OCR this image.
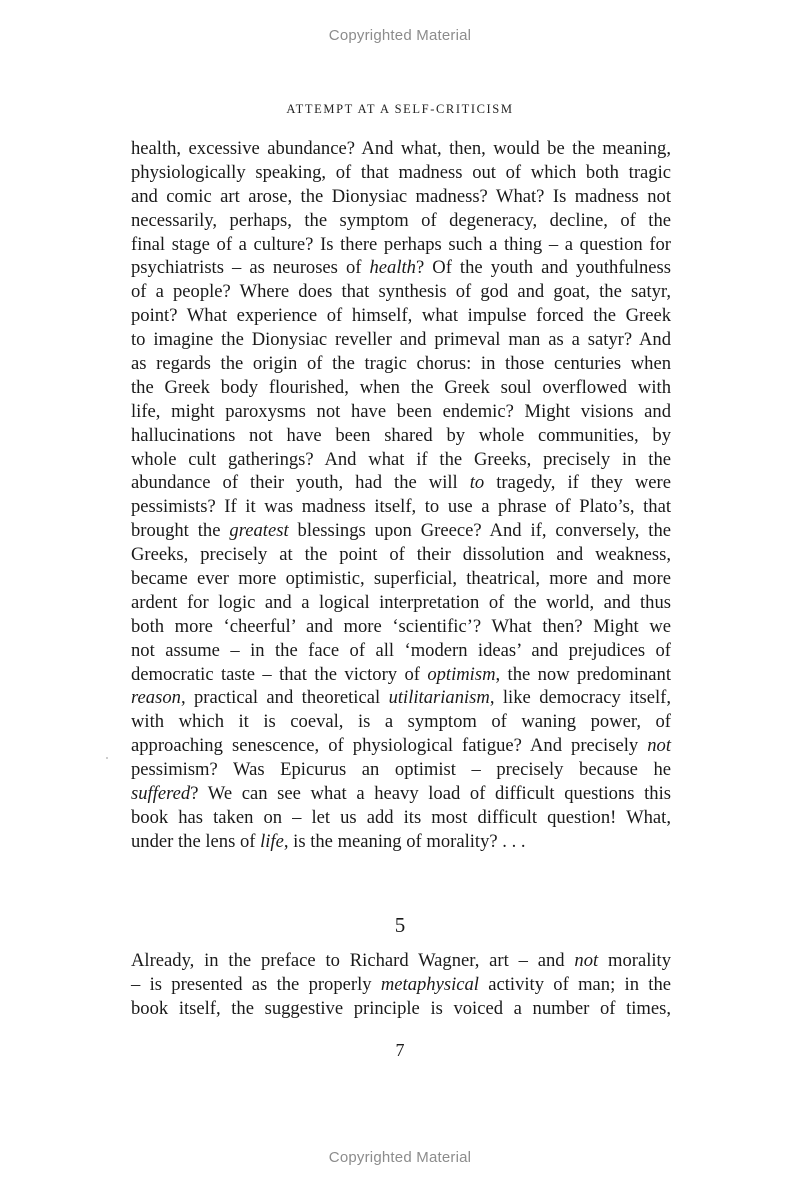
Copyrighted Material
ATTEMPT AT A SELF-CRITICISM
health, excessive abundance? And what, then, would be the meaning,
physiologically speaking, of that madness out of which both tragic
and comic art arose, the Dionysiac madness? What? Is madness not
necessarily, perhaps, the symptom of degeneracy, decline, of the
final stage of a culture? Is there perhaps such a thing – a question for
psychiatrists – as neuroses of health? Of the youth and youthfulness
of a people? Where does that synthesis of god and goat, the satyr,
point? What experience of himself, what impulse forced the Greek
to imagine the Dionysiac reveller and primeval man as a satyr? And
as regards the origin of the tragic chorus: in those centuries when
the Greek body flourished, when the Greek soul overflowed with
life, might paroxysms not have been endemic? Might visions and
hallucinations not have been shared by whole communities, by
whole cult gatherings? And what if the Greeks, precisely in the
abundance of their youth, had the will to tragedy, if they were
pessimists? If it was madness itself, to use a phrase of Plato’s, that
brought the greatest blessings upon Greece? And if, conversely, the
Greeks, precisely at the point of their dissolution and weakness,
became ever more optimistic, superficial, theatrical, more and more
ardent for logic and a logical interpretation of the world, and thus
both more ‘cheerful’ and more ‘scientific’? What then? Might we
not assume – in the face of all ‘modern ideas’ and prejudices of
democratic taste – that the victory of optimism, the now predominant
reason, practical and theoretical utilitarianism, like democracy itself,
with which it is coeval, is a symptom of waning power, of
approaching senescence, of physiological fatigue? And precisely not
pessimism? Was Epicurus an optimist – precisely because he
suffered? We can see what a heavy load of difficult questions this
book has taken on – let us add its most difficult question! What,
under the lens of life, is the meaning of morality? . . .
5
Already, in the preface to Richard Wagner, art – and not morality
– is presented as the properly metaphysical activity of man; in the
book itself, the suggestive principle is voiced a number of times,
7
Copyrighted Material
